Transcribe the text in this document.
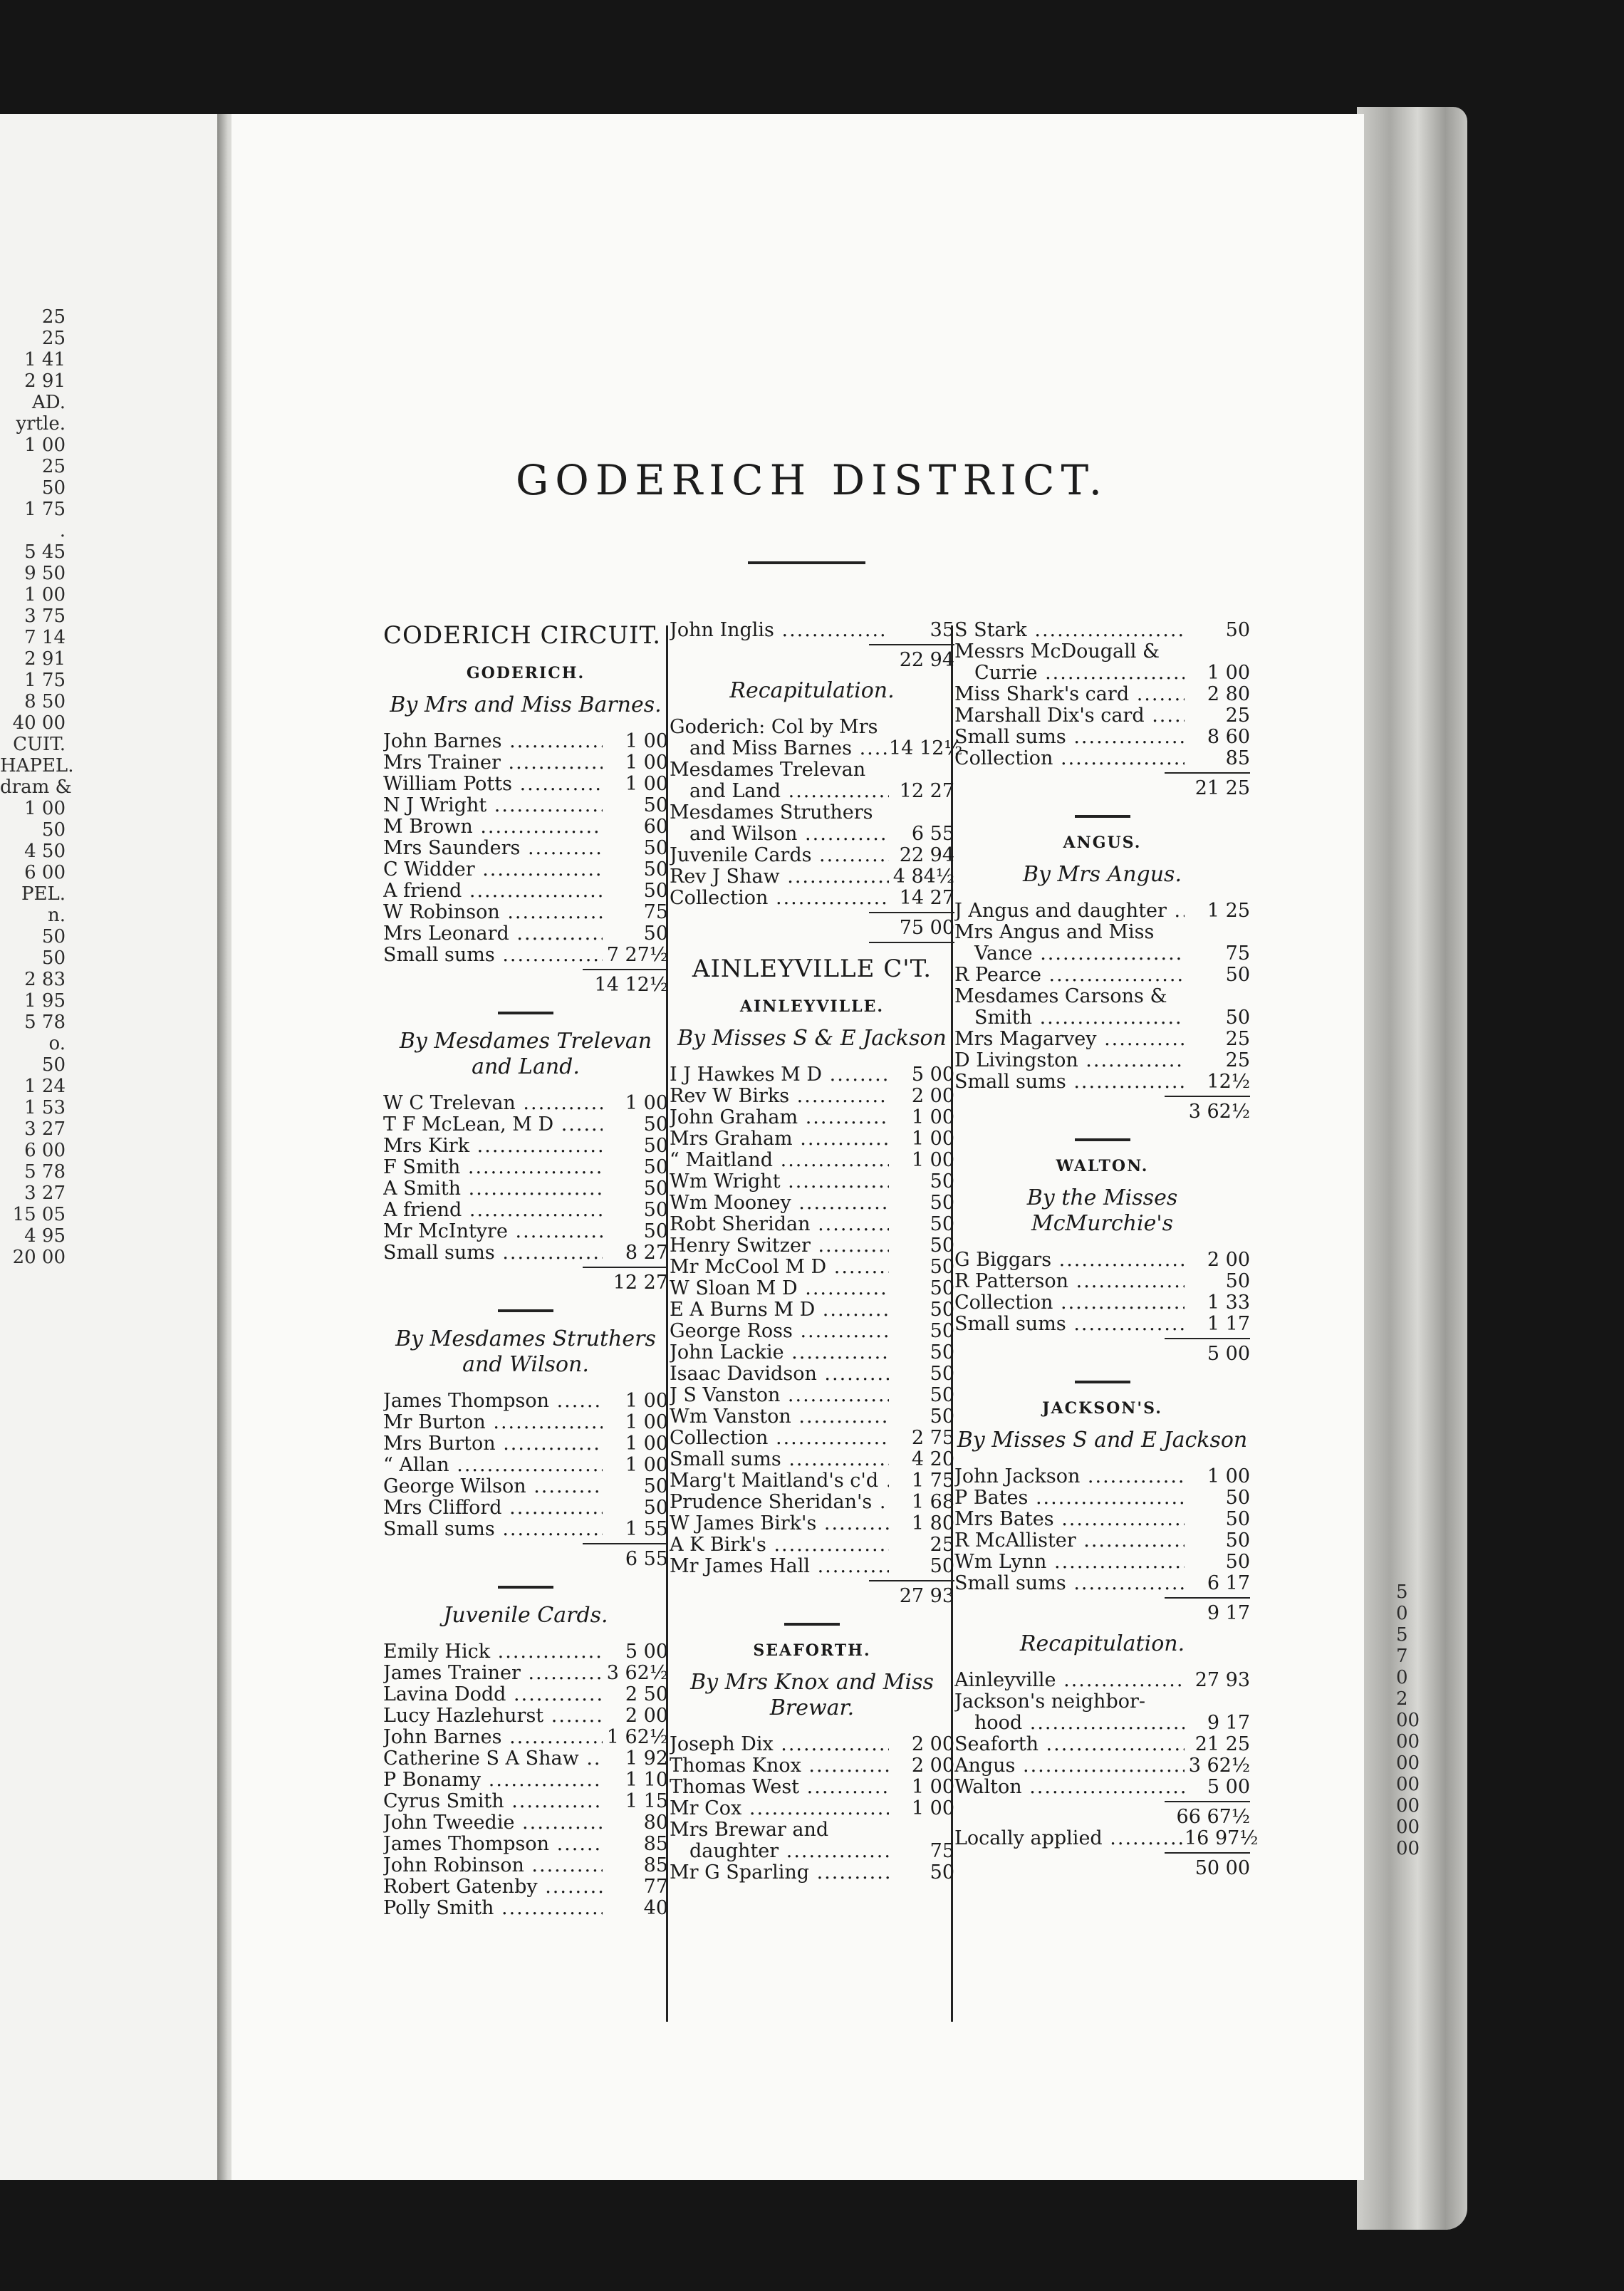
25
25
1 41
2 91
AD.
yrtle.
1 00
25
50
1 75
.
5 45
9 50
1 00
3 75
7 14
2 91
1 75
8 50
40 00
CUIT.
HAPEL.
dram &
1 00
50
4 50
6 00
PEL.
n.
50
50
2 83
1 95
5 78
o.
50
1 24
1 53
3 27
6 00
5 78
3 27
15 05
4 95
20 00
5
0
5
7
0
2
00
00
00
00
00
00
00
GODERICH DISTRICT.
CODERICH CIRCUIT.
GODERICH.
By Mrs and Miss Barnes.
John Barnes .....	1 00
Mrs Trainer .....	1 00
William Potts .....	1 00
N J Wright .....	50
M Brown .....	60
Mrs Saunders .....	50
C Widder .....	50
A friend .....	50
W Robinson .....	75
Mrs Leonard .....	50
Small sums .....	7 27½
14 12½
By Mesdames Trelevan and Land.
W C Trelevan .....	1 00
T F McLean, M D .....	50
Mrs Kirk .....	50
F Smith .....	50
A Smith .....	50
A friend .....	50
Mr McIntyre .....	50
Small sums .....	8 27
12 27
By Mesdames Struthers and Wilson.
James Thompson .....	1 00
Mr Burton .....	1 00
Mrs Burton .....	1 00
“ Allan .....	1 00
George Wilson .....	50
Mrs Clifford .....	50
Small sums .....	1 55
6 55
Juvenile Cards.
Emily Hick .....	5 00
James Trainer .....	3 62½
Lavina Dodd .....	2 50
Lucy Hazlehurst .....	2 00
John Barnes .....	1 62½
Catherine S A Shaw .....	1 92
P Bonamy .....	1 10
Cyrus Smith .....	1 15
John Tweedie .....	80
James Thompson .....	85
John Robinson .....	85
Robert Gatenby .....	77
Polly Smith .....	40
John Inglis .....	35
22 94
Recapitulation.
Goderich: Col by Mrs
and Miss Barnes .....	14 12½
Mesdames Trelevan
and Land .....	12 27
Mesdames Struthers
and Wilson .....	6 55
Juvenile Cards .....	22 94
Rev J Shaw .....	4 84½
Collection .....	14 27
75 00
AINLEYVILLE C'T.
AINLEYVILLE.
By Misses S & E Jackson
I J Hawkes M D .....	5 00
Rev W Birks .....	2 00
John Graham .....	1 00
Mrs Graham .....	1 00
“ Maitland .....	1 00
Wm Wright .....	50
Wm Mooney .....	50
Robt Sheridan .....	50
Henry Switzer .....	50
Mr McCool M D .....	50
W Sloan M D .....	50
E A Burns M D .....	50
George Ross .....	50
John Lackie .....	50
Isaac Davidson .....	50
J S Vanston .....	50
Wm Vanston .....	50
Collection .....	2 75
Small sums .....	4 20
Marg't Maitland's c'd .....	1 75
Prudence Sheridan's .....	1 68
W James Birk's .....	1 80
A K Birk's .....	25
Mr James Hall .....	50
27 93
SEAFORTH.
By Mrs Knox and Miss Brewar.
Joseph Dix .....	2 00
Thomas Knox .....	2 00
Thomas West .....	1 00
Mr Cox .....	1 00
Mrs Brewar and
daughter .....	75
Mr G Sparling .....	50
S Stark .....	50
Messrs McDougall &
Currie .....	1 00
Miss Shark's card .....	2 80
Marshall Dix's card .....	25
Small sums .....	8 60
Collection .....	85
21 25
ANGUS.
By Mrs Angus.
J Angus and daughter .....	1 25
Mrs Angus and Miss
Vance .....	75
R Pearce .....	50
Mesdames Carsons &
Smith .....	50
Mrs Magarvey .....	25
D Livingston .....	25
Small sums .....	12½
3 62½
WALTON.
By the Misses McMurchie's
G Biggars .....	2 00
R Patterson .....	50
Collection .....	1 33
Small sums .....	1 17
5 00
JACKSON'S.
By Misses S and E Jackson
John Jackson .....	1 00
P Bates .....	50
Mrs Bates .....	50
R McAllister .....	50
Wm Lynn .....	50
Small sums .....	6 17
9 17
Recapitulation.
Ainleyville .....	27 93
Jackson's neighbor-
hood .....	9 17
Seaforth .....	21 25
Angus .....	3 62½
Walton .....	5 00
66 67½
Locally applied .....	16 97½
50 00
